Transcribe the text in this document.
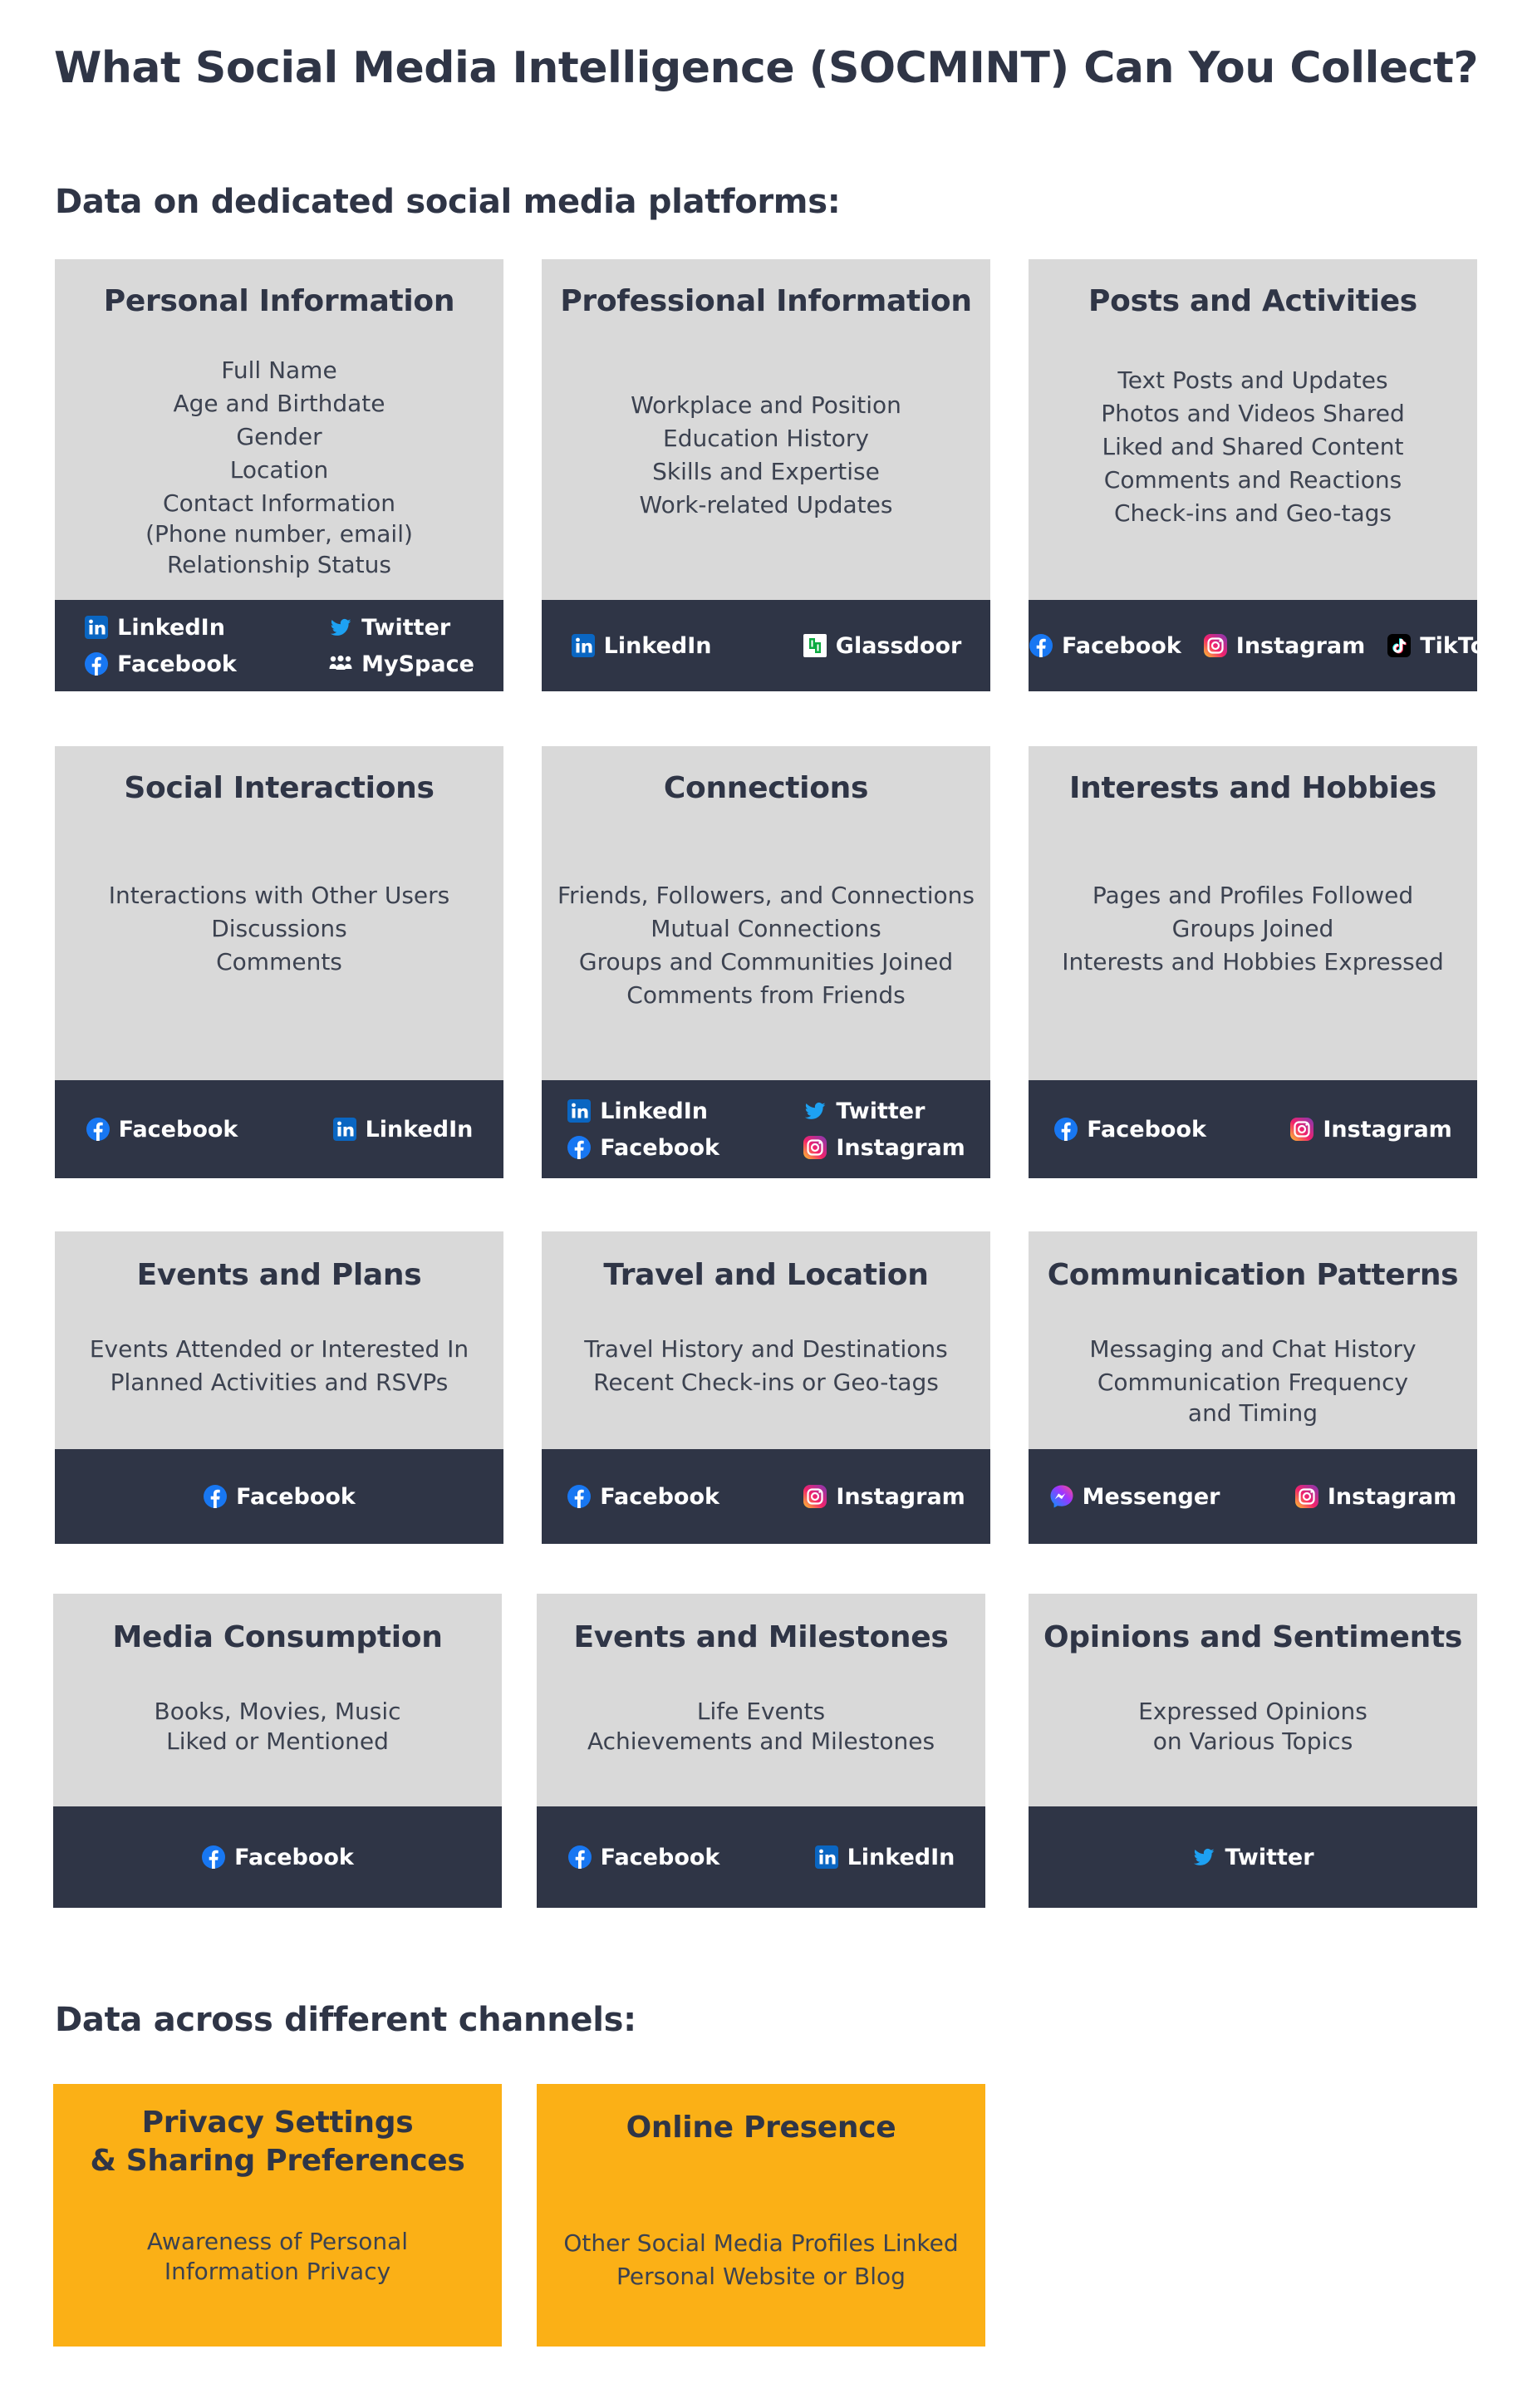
What Social Media Intelligence (SOCMINT) Can You Collect?
Data on dedicated social media platforms:
Data across different channels:
Personal Information
Full Name
Age and Birthdate
Gender
Location
Contact Information
(Phone number, email)
Relationship Status
LinkedIn	Twitter
Facebook	MySpace
Professional Information
Workplace and Position
Education History
Skills and Expertise
Work-related Updates
LinkedIn	Glassdoor
Posts and Activities
Text Posts and Updates
Photos and Videos Shared
Liked and Shared Content
Comments and Reactions
Check-ins and Geo-tags
Facebook Instagram TikTok
Social Interactions
Interactions with Other Users
Discussions
Comments
Facebook	LinkedIn
Connections
Friends, Followers, and Connections
Mutual Connections
Groups and Communities Joined
Comments from Friends
LinkedIn	Twitter
Facebook	Instagram
Interests and Hobbies
Pages and Profiles Followed
Groups Joined
Interests and Hobbies Expressed
Facebook	Instagram
Events and Plans
Events Attended or Interested In
Planned Activities and RSVPs
Facebook
Travel and Location
Travel History and Destinations
Recent Check-ins or Geo-tags
Facebook	Instagram
Communication Patterns
Messaging and Chat History
Communication Frequency
and Timing
Messenger	Instagram
Media Consumption
Books, Movies, Music
Liked or Mentioned
Facebook
Events and Milestones
Life Events
Achievements and Milestones
Facebook	LinkedIn
Opinions and Sentiments
Expressed Opinions
on Various Topics
Twitter
Privacy Settings
& Sharing Preferences
Awareness of Personal
Information Privacy
Online Presence
Other Social Media Profiles Linked
Personal Website or Blog
